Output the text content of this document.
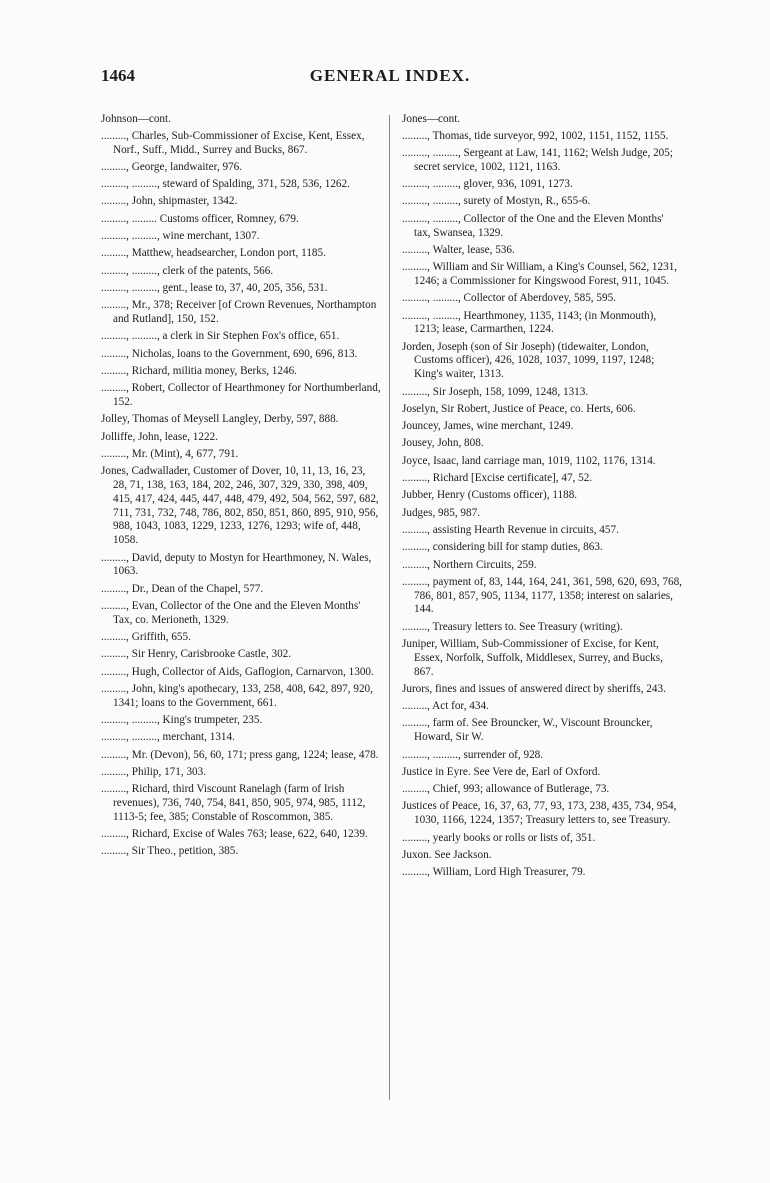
1464	GENERAL INDEX.
Johnson—cont.
........., Charles, Sub-Commissioner of Excise, Kent, Essex, Norf., Suff., Midd., Surrey and Bucks, 867.
........., George, landwaiter, 976.
........., ........., steward of Spalding, 371, 528, 536, 1262.
........., John, shipmaster, 1342.
........., ......... Customs officer, Romney, 679.
........., ........., wine merchant, 1307.
........., Matthew, headsearcher, London port, 1185.
........., ........., clerk of the patents, 566.
........., ........., gent., lease to, 37, 40, 205, 356, 531.
........., Mr., 378; Receiver [of Crown Revenues, Northampton and Rutland], 150, 152.
........., ........., a clerk in Sir Stephen Fox's office, 651.
........., Nicholas, loans to the Government, 690, 696, 813.
........., Richard, militia money, Berks, 1246.
........., Robert, Collector of Hearthmoney for Northumberland, 152.
Jolley, Thomas of Meysell Langley, Derby, 597, 888.
Jolliffe, John, lease, 1222.
........., Mr. (Mint), 4, 677, 791.
Jones, Cadwallader, Customer of Dover, 10, 11, 13, 16, 23, 28, 71, 138, 163, 184, 202, 246, 307, 329, 330, 398, 409, 415, 417, 424, 445, 447, 448, 479, 492, 504, 562, 597, 682, 711, 731, 732, 748, 786, 802, 850, 851, 860, 895, 910, 956, 988, 1043, 1083, 1229, 1233, 1276, 1293; wife of, 448, 1058.
........., David, deputy to Mostyn for Hearthmoney, N. Wales, 1063.
........., Dr., Dean of the Chapel, 577.
........., Evan, Collector of the One and the Eleven Months' Tax, co. Merioneth, 1329.
........., Griffith, 655.
........., Sir Henry, Carisbrooke Castle, 302.
........., Hugh, Collector of Aids, Gaflogion, Carnarvon, 1300.
........., John, king's apothecary, 133, 258, 408, 642, 897, 920, 1341; loans to the Government, 661.
........., ........., King's trumpeter, 235.
........., ........., merchant, 1314.
........., Mr. (Devon), 56, 60, 171; press gang, 1224; lease, 478.
........., Philip, 171, 303.
........., Richard, third Viscount Ranelagh (farm of Irish revenues), 736, 740, 754, 841, 850, 905, 974, 985, 1112, 1113-5; fee, 385; Constable of Roscommon, 385.
........., Richard, Excise of Wales 763; lease, 622, 640, 1239.
........., Sir Theo., petition, 385.
Jones—cont.
........., Thomas, tide surveyor, 992, 1002, 1151, 1152, 1155.
........., ........., Sergeant at Law, 141, 1162; Welsh Judge, 205; secret service, 1002, 1121, 1163.
........., ........., glover, 936, 1091, 1273.
........., ........., surety of Mostyn, R., 655-6.
........., ........., Collector of the One and the Eleven Months' tax, Swansea, 1329.
........., Walter, lease, 536.
........., William and Sir William, a King's Counsel, 562, 1231, 1246; a Commissioner for Kingswood Forest, 911, 1045.
........., ........., Collector of Aberdovey, 585, 595.
........., ........., Hearthmoney, 1135, 1143; (in Monmouth), 1213; lease, Carmarthen, 1224.
Jorden, Joseph (son of Sir Joseph) (tidewaiter, London, Customs officer), 426, 1028, 1037, 1099, 1197, 1248; King's waiter, 1313.
........., Sir Joseph, 158, 1099, 1248, 1313.
Joselyn, Sir Robert, Justice of Peace, co. Herts, 606.
Jouncey, James, wine merchant, 1249.
Jousey, John, 808.
Joyce, Isaac, land carriage man, 1019, 1102, 1176, 1314.
........., Richard [Excise certificate], 47, 52.
Jubber, Henry (Customs officer), 1188.
Judges, 985, 987.
........., assisting Hearth Revenue in circuits, 457.
........., considering bill for stamp duties, 863.
........., Northern Circuits, 259.
........., payment of, 83, 144, 164, 241, 361, 598, 620, 693, 768, 786, 801, 857, 905, 1134, 1177, 1358; interest on salaries, 144.
........., Treasury letters to. See Treasury (writing).
Juniper, William, Sub-Commissioner of Excise, for Kent, Essex, Norfolk, Suffolk, Middlesex, Surrey, and Bucks, 867.
Jurors, fines and issues of answered direct by sheriffs, 243.
........., Act for, 434.
........., farm of. See Brouncker, W., Viscount Brouncker, Howard, Sir W.
........., ........., surrender of, 928.
Justice in Eyre. See Vere de, Earl of Oxford.
........., Chief, 993; allowance of Butlerage, 73.
Justices of Peace, 16, 37, 63, 77, 93, 173, 238, 435, 734, 954, 1030, 1166, 1224, 1357; Treasury letters to, see Treasury.
........., yearly books or rolls or lists of, 351.
Juxon. See Jackson.
........., William, Lord High Treasurer, 79.
